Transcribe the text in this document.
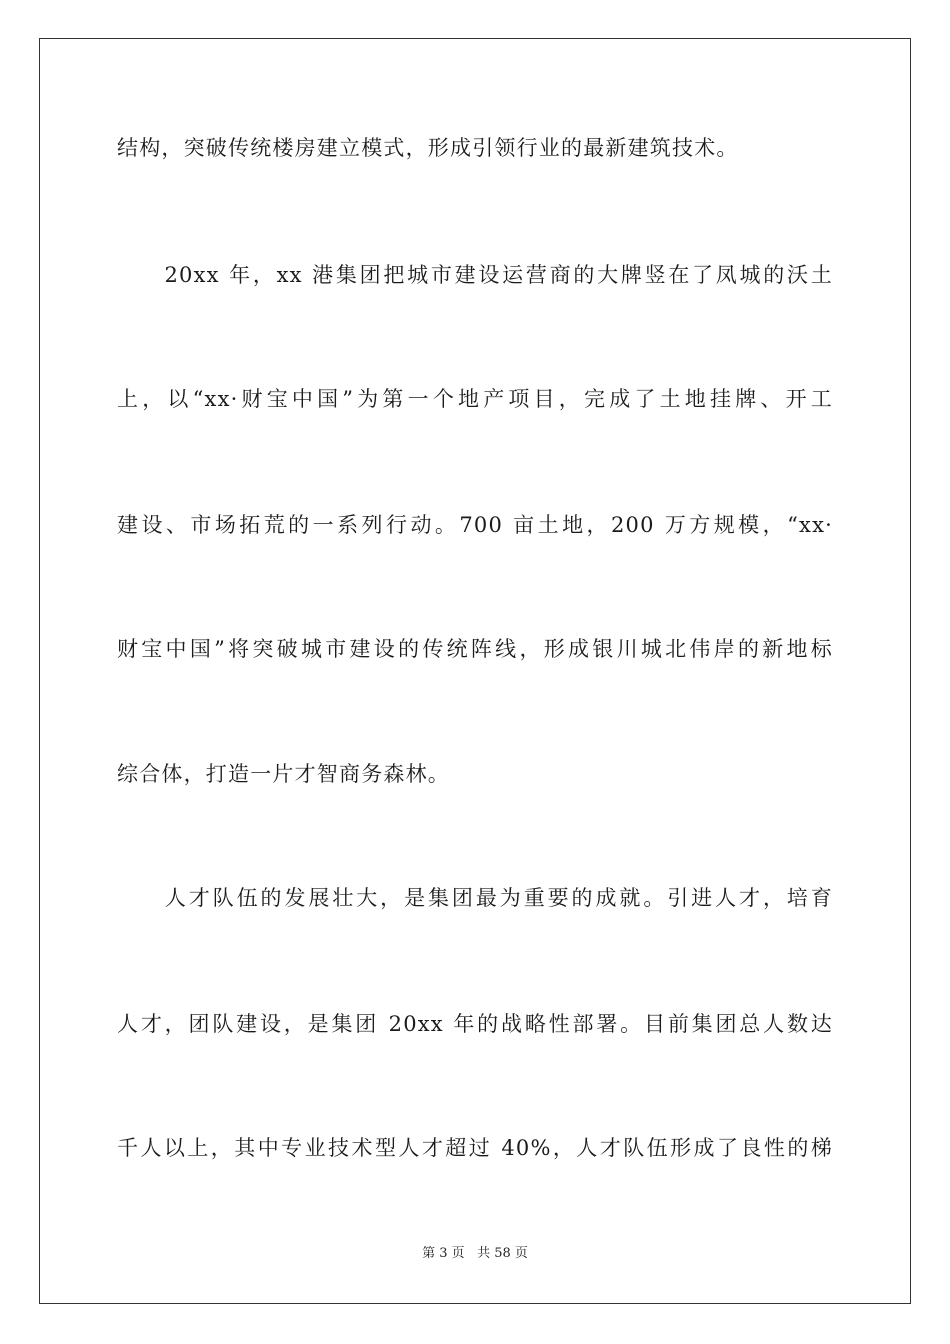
结构，突破传统楼房建立模式，形成引领行业的最新建筑技术。
　　20xx 年，xx 港集团把城市建设运营商的大牌竖在了凤城的沃土
上，以“xx·财宝中国”为第一个地产项目，完成了土地挂牌、开工
建设、市场拓荒的一系列行动。700 亩土地，200 万方规模，“xx·
财宝中国”将突破城市建设的传统阵线，形成银川城北伟岸的新地标
综合体，打造一片才智商务森林。
　　人才队伍的发展壮大，是集团最为重要的成就。引进人才，培育
人才，团队建设，是集团 20xx 年的战略性部署。目前集团总人数达
千人以上，其中专业技术型人才超过 40%，人才队伍形成了良性的梯
第 3 页 共 58 页
